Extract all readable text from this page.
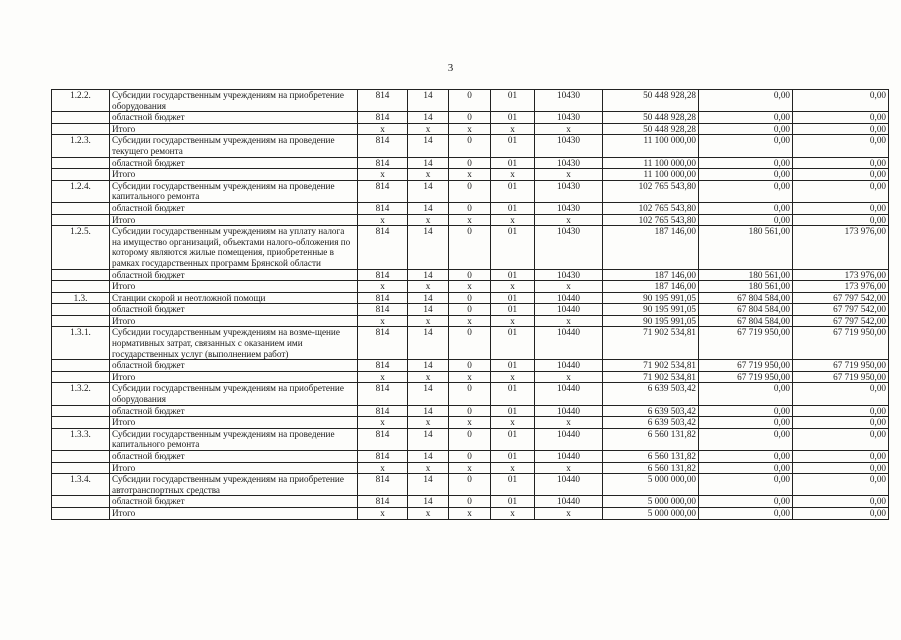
3
1.2.2.	Субсидии государственным учреждениям на приобретение оборудования	814	14	0	01	10430	50 448 928,28	0,00	0,00
	областной бюджет	814	14	0	01	10430	50 448 928,28	0,00	0,00
	Итого	x	x	x	x	x	50 448 928,28	0,00	0,00
1.2.3.	Субсидии государственным учреждениям на проведение текущего ремонта	814	14	0	01	10430	11 100 000,00	0,00	0,00
	областной бюджет	814	14	0	01	10430	11 100 000,00	0,00	0,00
	Итого	x	x	x	x	x	11 100 000,00	0,00	0,00
1.2.4.	Субсидии государственным учреждениям на проведение капитального ремонта	814	14	0	01	10430	102 765 543,80	0,00	0,00
	областной бюджет	814	14	0	01	10430	102 765 543,80	0,00	0,00
	Итого	x	x	x	x	x	102 765 543,80	0,00	0,00
1.2.5.	Субсидии государственным учреждениям на уплату налога на имущество организаций, объектами налого-обложения по которому являются жилые помещения, приобретенные в рамках государственных программ Брянской области	814	14	0	01	10430	187 146,00	180 561,00	173 976,00
	областной бюджет	814	14	0	01	10430	187 146,00	180 561,00	173 976,00
	Итого	x	x	x	x	x	187 146,00	180 561,00	173 976,00
1.3.	Станции скорой и неотложной помощи	814	14	0	01	10440	90 195 991,05	67 804 584,00	67 797 542,00
	областной бюджет	814	14	0	01	10440	90 195 991,05	67 804 584,00	67 797 542,00
	Итого	x	x	x	x	x	90 195 991,05	67 804 584,00	67 797 542,00
1.3.1.	Субсидии государственным учреждениям на возме-щение нормативных затрат, связанных с оказанием ими государственных услуг (выполнением работ)	814	14	0	01	10440	71 902 534,81	67 719 950,00	67 719 950,00
	областной бюджет	814	14	0	01	10440	71 902 534,81	67 719 950,00	67 719 950,00
	Итого	x	x	x	x	x	71 902 534,81	67 719 950,00	67 719 950,00
1.3.2.	Субсидии государственным учреждениям на приобретение оборудования	814	14	0	01	10440	6 639 503,42	0,00	0,00
	областной бюджет	814	14	0	01	10440	6 639 503,42	0,00	0,00
	Итого	x	x	x	x	x	6 639 503,42	0,00	0,00
1.3.3.	Субсидии государственным учреждениям на проведение капитального ремонта	814	14	0	01	10440	6 560 131,82	0,00	0,00
	областной бюджет	814	14	0	01	10440	6 560 131,82	0,00	0,00
	Итого	x	x	x	x	x	6 560 131,82	0,00	0,00
1.3.4.	Субсидии государственным учреждениям на приобретение автотранспортных средства	814	14	0	01	10440	5 000 000,00	0,00	0,00
	областной бюджет	814	14	0	01	10440	5 000 000,00	0,00	0,00
	Итого	x	x	x	x	x	5 000 000,00	0,00	0,00
